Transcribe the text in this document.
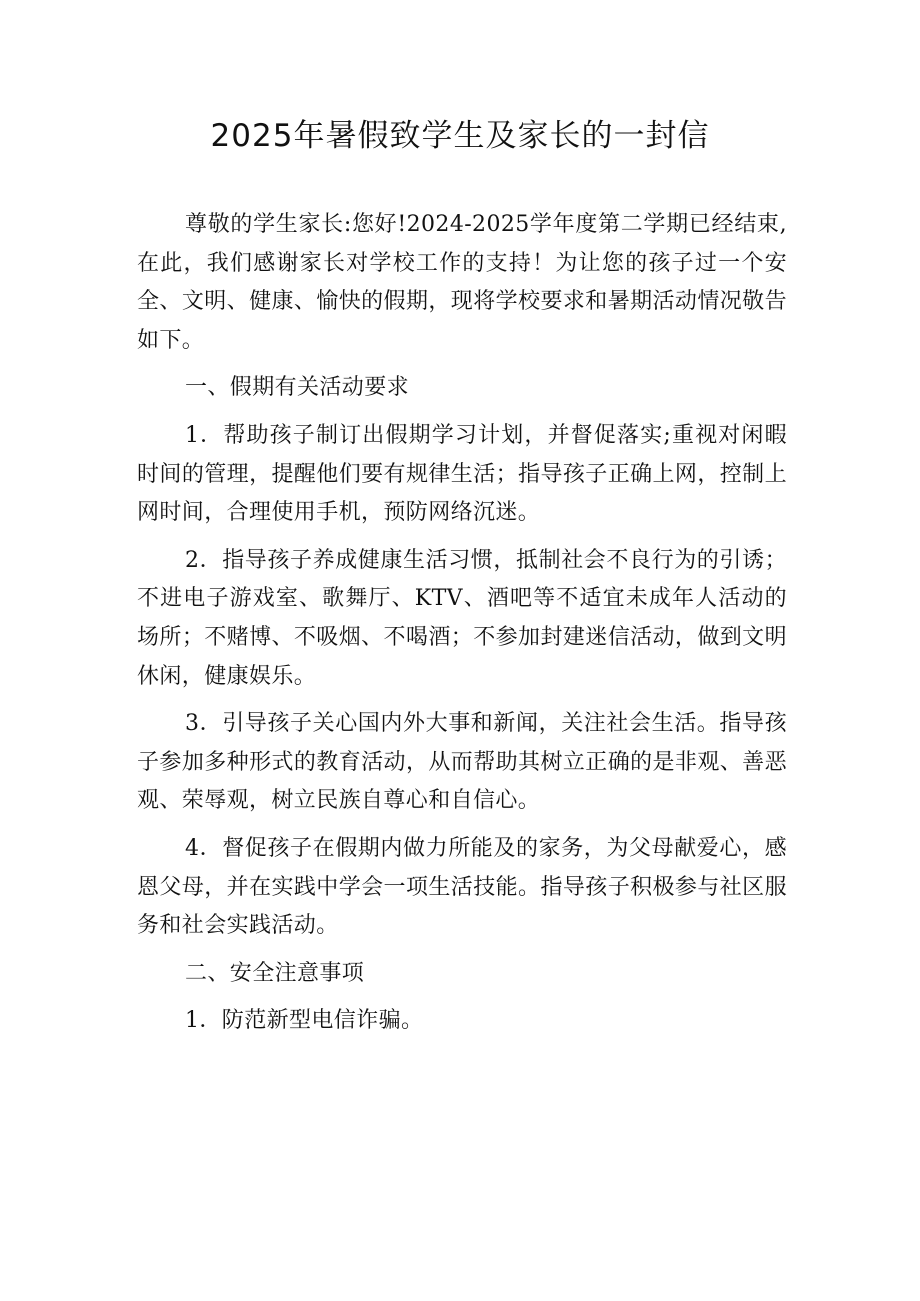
2025年暑假致学生及家长的一封信

尊敬的学生家长:您好!2024-2025学年度第二学期已经结束,在此，我们感谢家长对学校工作的支持！为让您的孩子过一个安全、文明、健康、愉快的假期，现将学校要求和暑期活动情况敬告如下。

一、假期有关活动要求

1．帮助孩子制订出假期学习计划，并督促落实;重视对闲暇时间的管理，提醒他们要有规律生活；指导孩子正确上网，控制上网时间，合理使用手机，预防网络沉迷。

2．指导孩子养成健康生活习惯，抵制社会不良行为的引诱；不进电子游戏室、歌舞厅、KTV、酒吧等不适宜未成年人活动的场所；不赌博、不吸烟、不喝酒；不参加封建迷信活动，做到文明休闲，健康娱乐。

3．引导孩子关心国内外大事和新闻，关注社会生活。指导孩子参加多种形式的教育活动，从而帮助其树立正确的是非观、善恶观、荣辱观，树立民族自尊心和自信心。

4．督促孩子在假期内做力所能及的家务，为父母献爱心，感恩父母，并在实践中学会一项生活技能。指导孩子积极参与社区服务和社会实践活动。

二、安全注意事项

1．防范新型电信诈骗。
